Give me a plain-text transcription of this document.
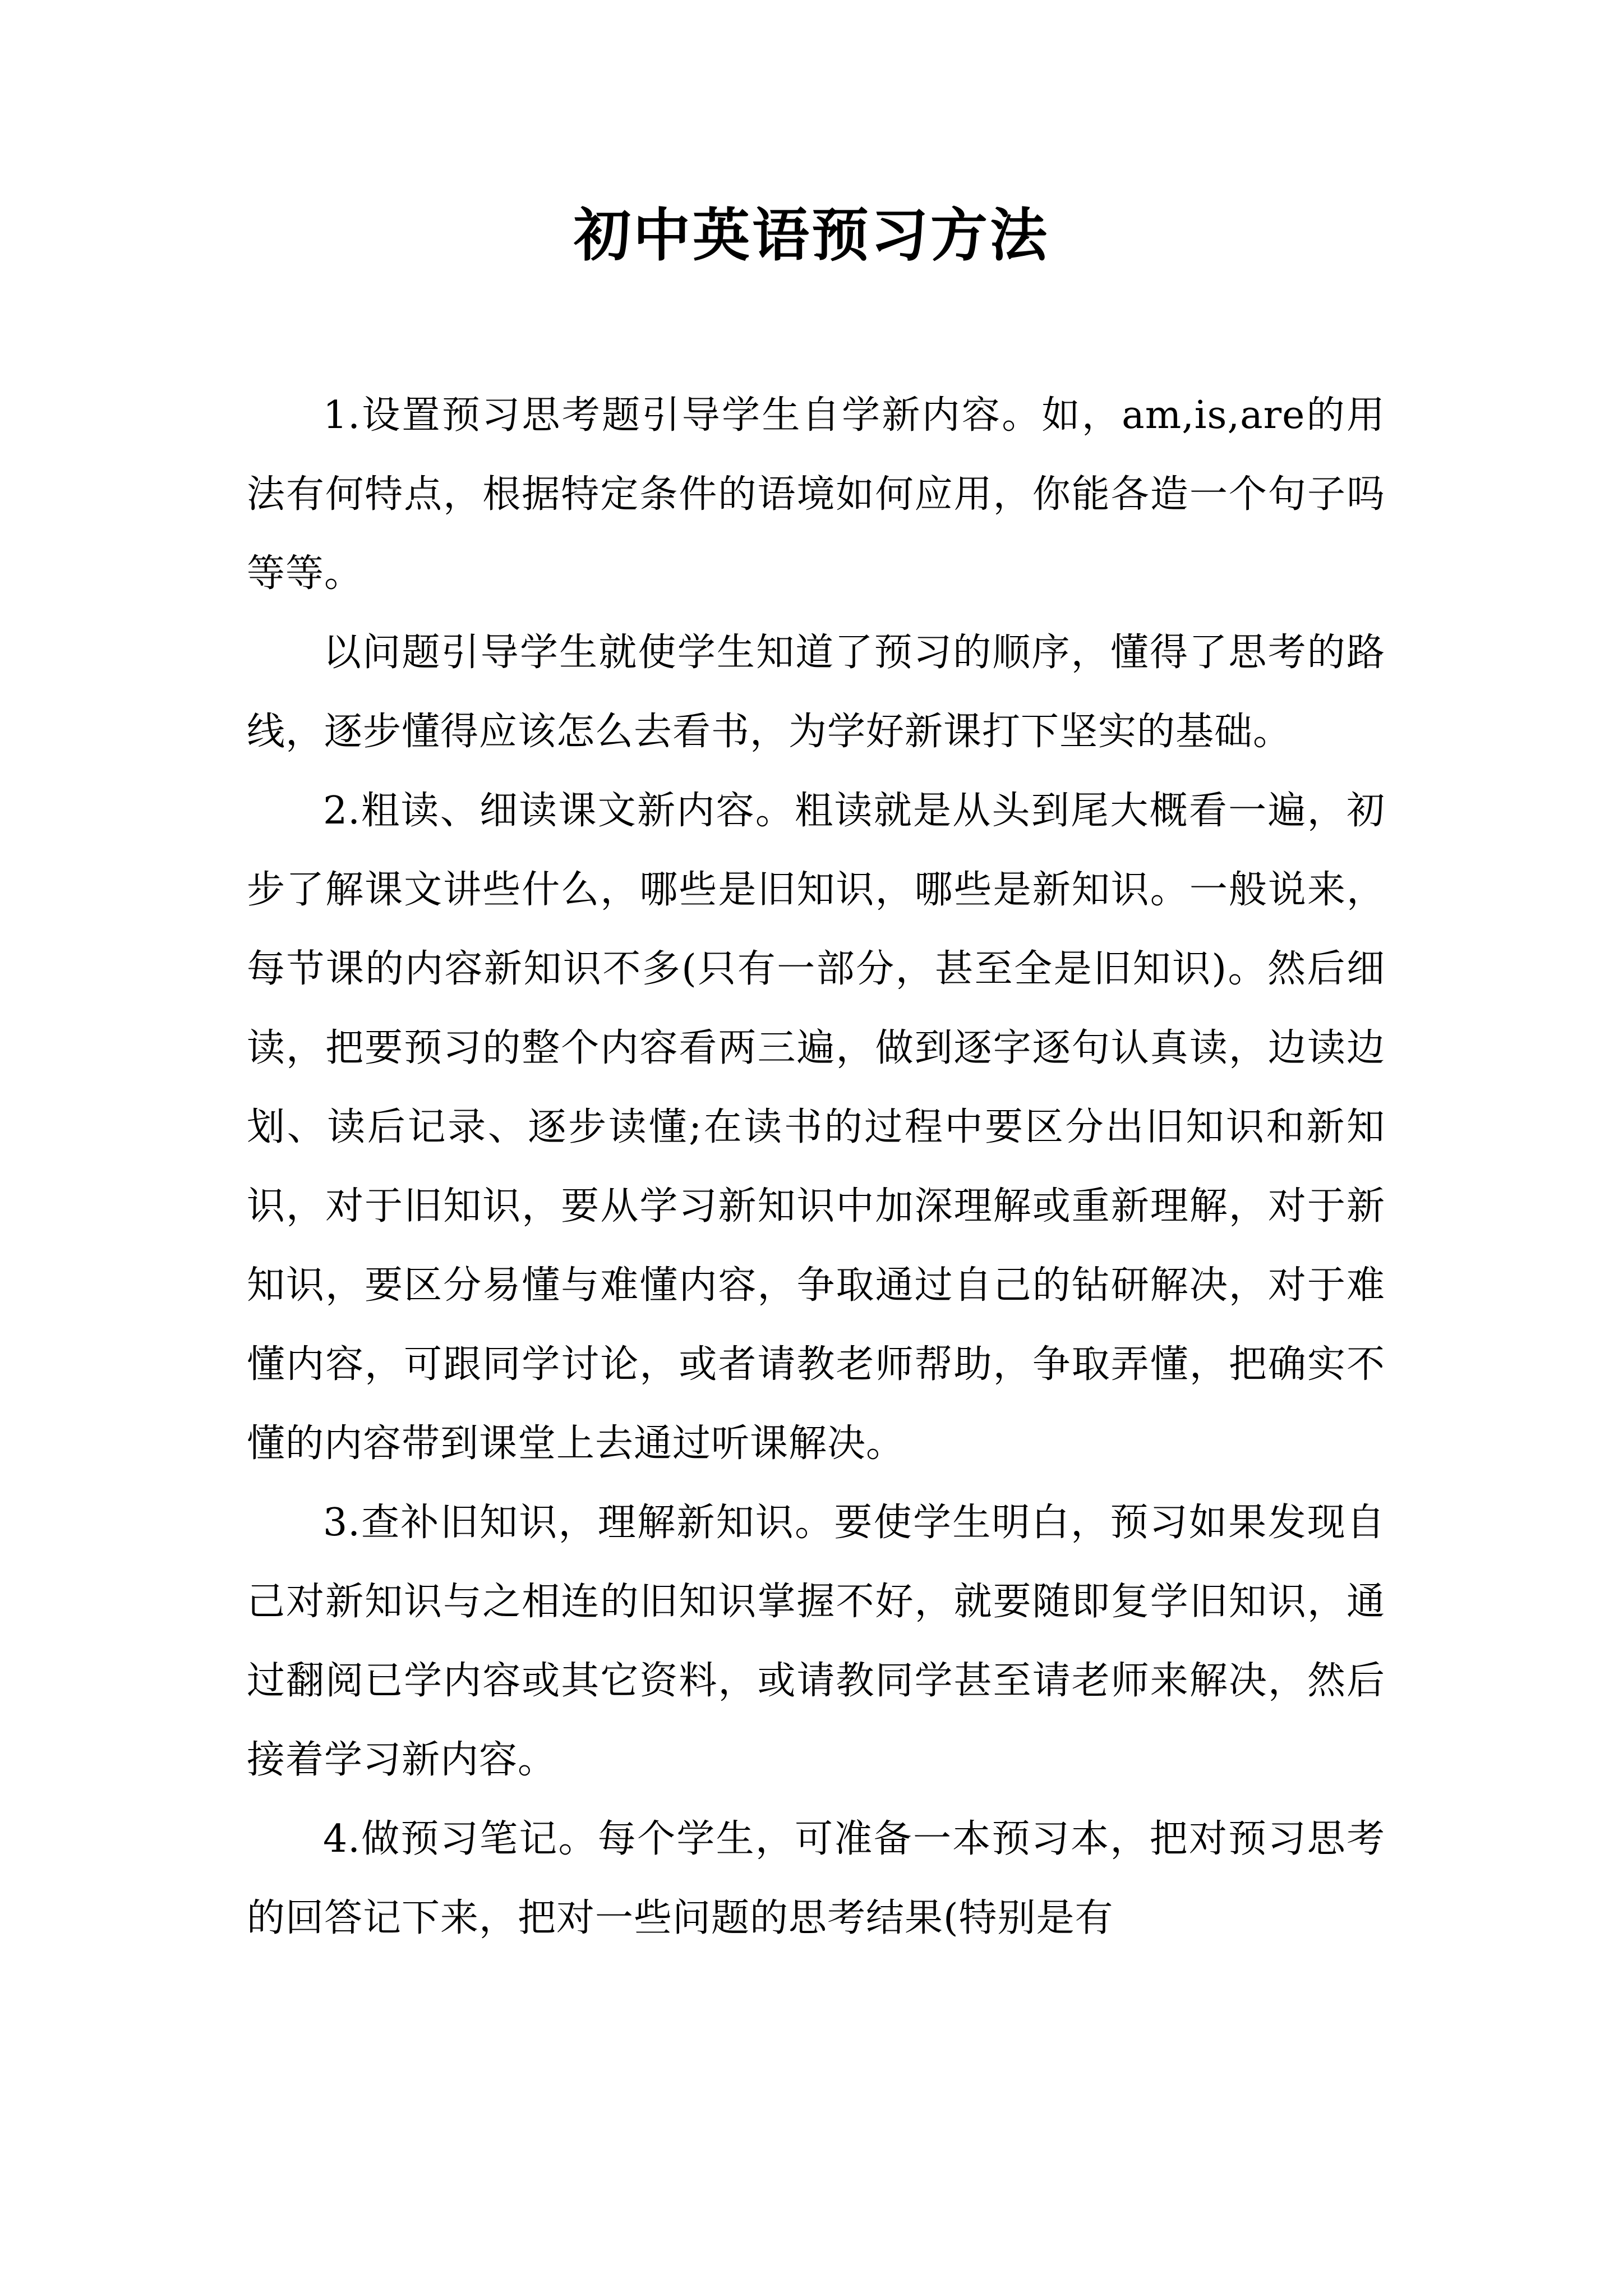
初中英语预习方法

1.设置预习思考题引导学生自学新内容。如，am,is,are的用法有何特点，根据特定条件的语境如何应用，你能各造一个句子吗等等。

以问题引导学生就使学生知道了预习的顺序，懂得了思考的路线，逐步懂得应该怎么去看书，为学好新课打下坚实的基础。

2.粗读、细读课文新内容。粗读就是从头到尾大概看一遍，初步了解课文讲些什么，哪些是旧知识，哪些是新知识。一般说来，每节课的内容新知识不多(只有一部分，甚至全是旧知识)。然后细读，把要预习的整个内容看两三遍，做到逐字逐句认真读，边读边划、读后记录、逐步读懂;在读书的过程中要区分出旧知识和新知识，对于旧知识，要从学习新知识中加深理解或重新理解，对于新知识，要区分易懂与难懂内容，争取通过自己的钻研解决，对于难懂内容，可跟同学讨论，或者请教老师帮助，争取弄懂，把确实不懂的内容带到课堂上去通过听课解决。

3.查补旧知识，理解新知识。要使学生明白，预习如果发现自己对新知识与之相连的旧知识掌握不好，就要随即复学旧知识，通过翻阅已学内容或其它资料，或请教同学甚至请老师来解决，然后接着学习新内容。

4.做预习笔记。每个学生，可准备一本预习本，把对预习思考的回答记下来，把对一些问题的思考结果(特别是有
